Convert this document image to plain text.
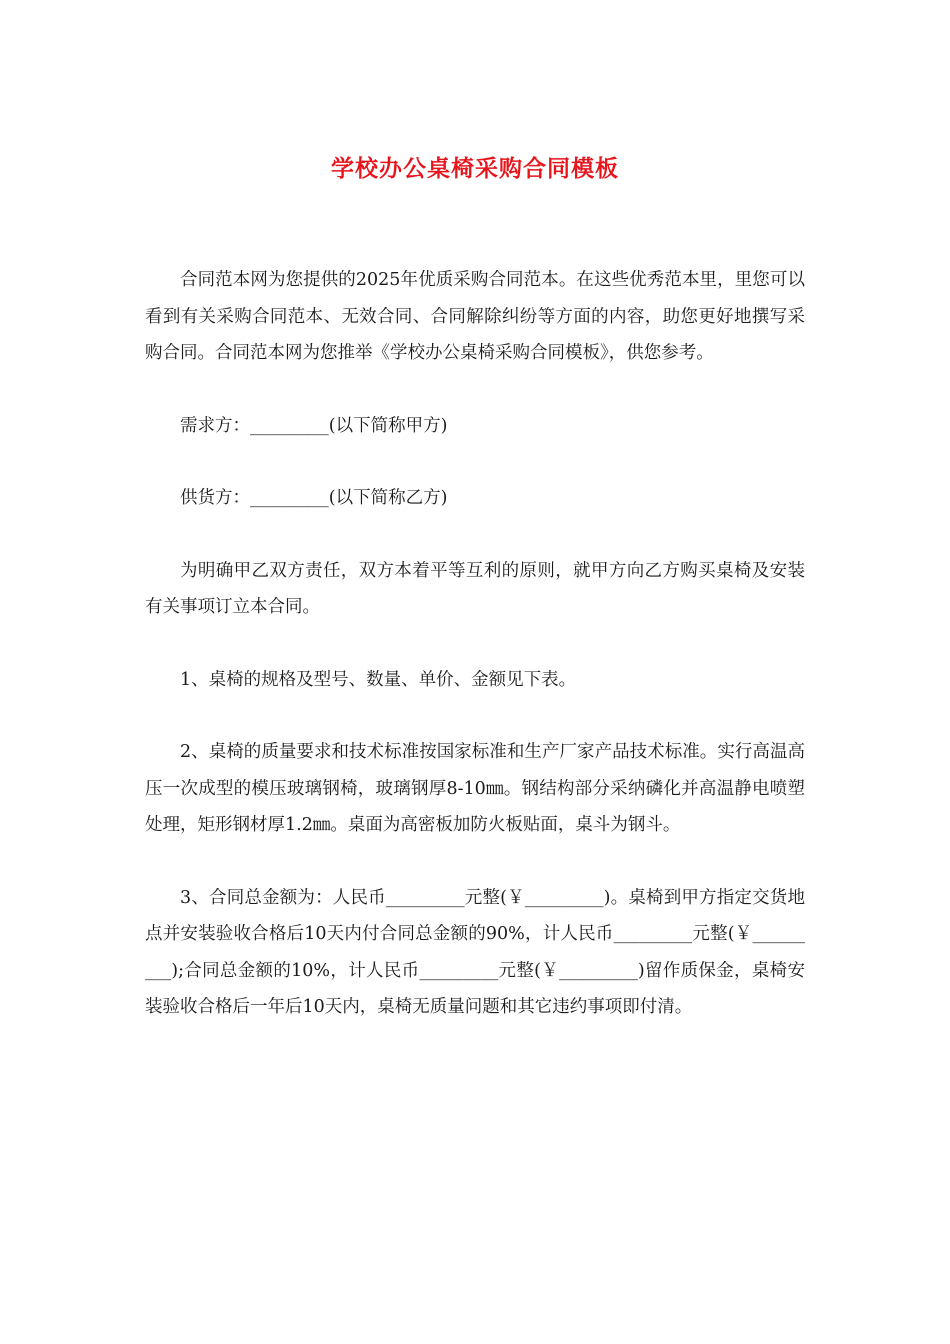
学校办公桌椅采购合同模板

合同范本网为您提供的2025年优质采购合同范本。在这些优秀范本里，里您可以看到有关采购合同范本、无效合同、合同解除纠纷等方面的内容，助您更好地撰写采购合同。合同范本网为您推举《学校办公桌椅采购合同模板》，供您参考。

需求方：_________(以下简称甲方)

供货方：_________(以下简称乙方)

为明确甲乙双方责任，双方本着平等互利的原则，就甲方向乙方购买桌椅及安装有关事项订立本合同。

1、桌椅的规格及型号、数量、单价、金额见下表。

2、桌椅的质量要求和技术标准按国家标准和生产厂家产品技术标准。实行高温高压一次成型的模压玻璃钢椅，玻璃钢厚8-10㎜。钢结构部分采纳磷化并高温静电喷塑处理，矩形钢材厚1.2㎜。桌面为高密板加防火板贴面，桌斗为钢斗。

3、合同总金额为：人民币_________元整(￥_________)。桌椅到甲方指定交货地点并安装验收合格后10天内付合同总金额的90%，计人民币_________元整(￥_________);合同总金额的10%，计人民币_________元整(￥_________)留作质保金，桌椅安装验收合格后一年后10天内，桌椅无质量问题和其它违约事项即付清。
